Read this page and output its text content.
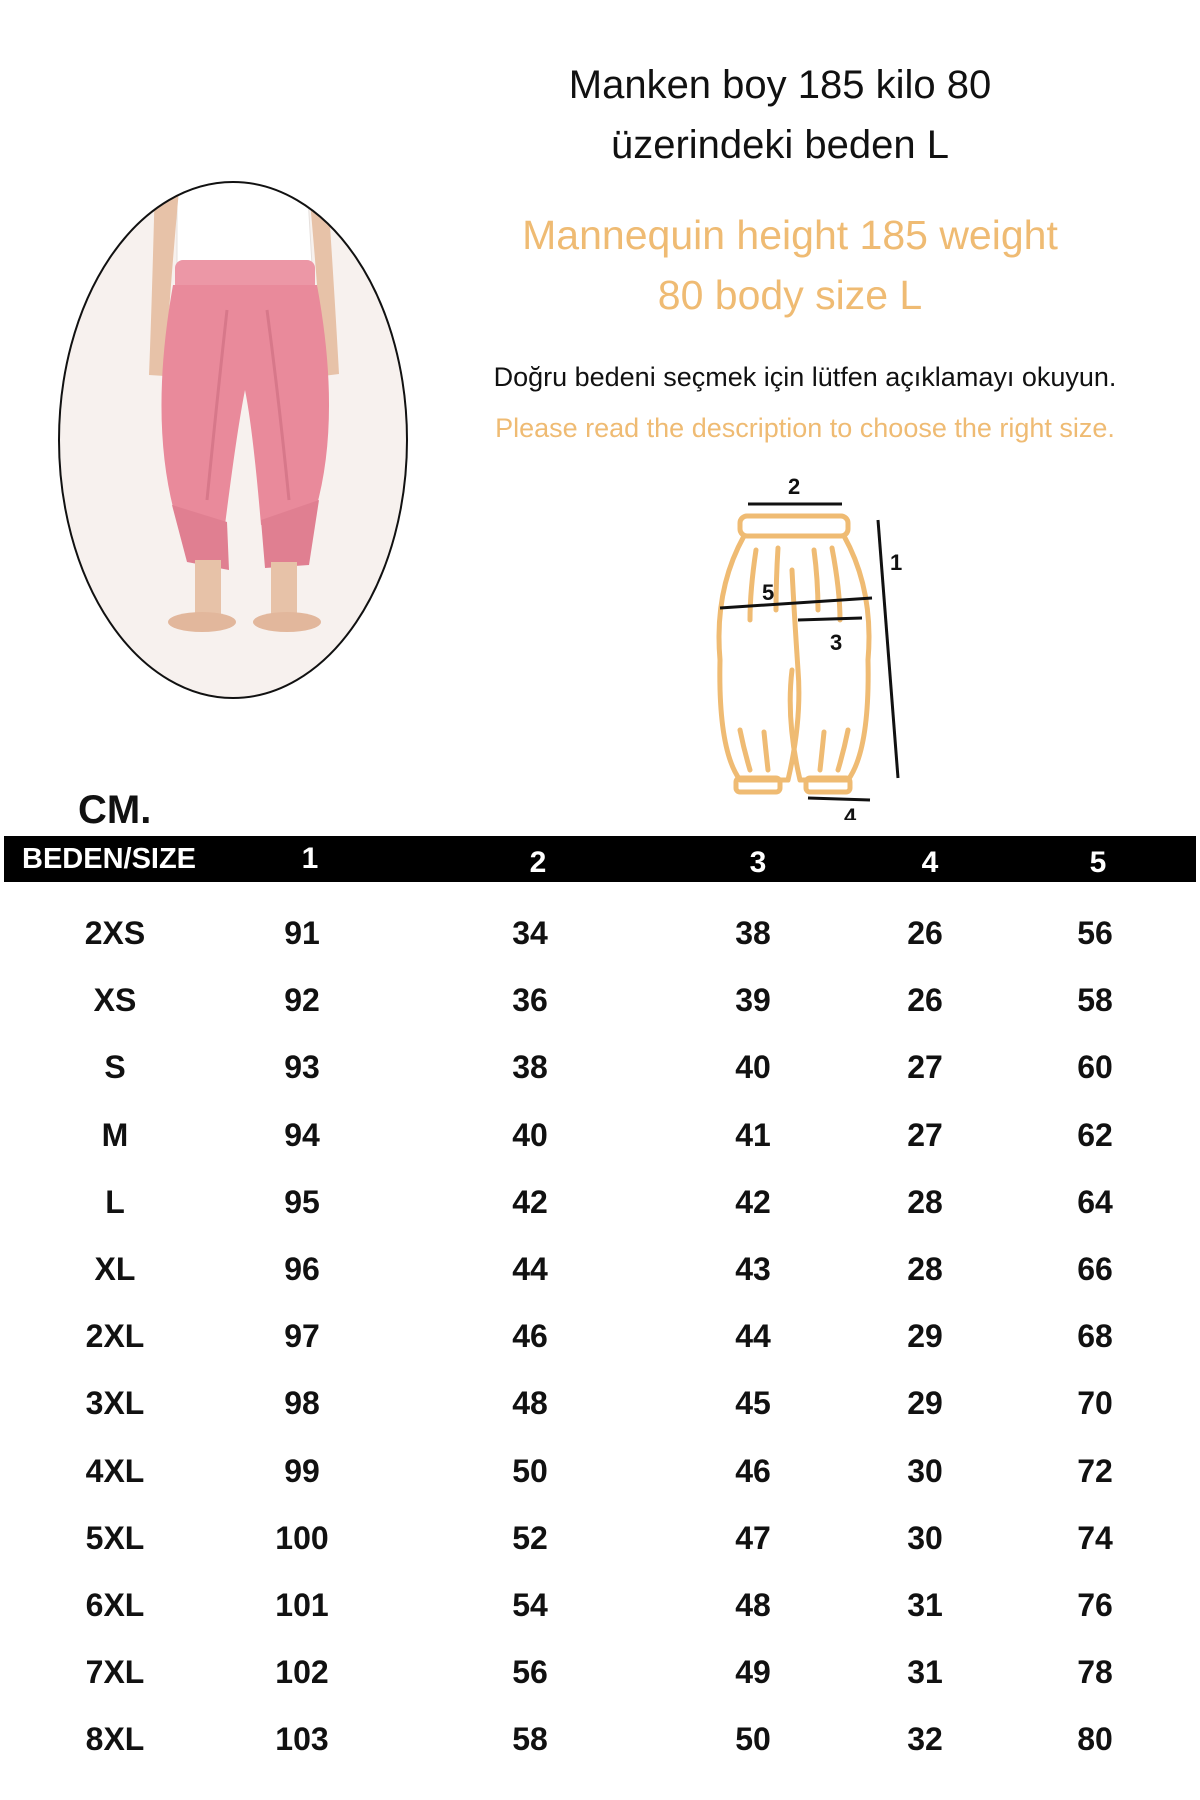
Manken boy 185 kilo 80
üzerindeki beden L
Mannequin height 185 weight
80 body size L
Doğru bedeni seçmek için lütfen açıklamayı okuyun.
Please read the description to choose the right size.
2
1
5
3
4
CM.
BEDEN/SIZE	1	2	3	4	5
2XS	91	34	38	26	56
XS	92	36	39	26	58
S	93	38	40	27	60
M	94	40	41	27	62
L	95	42	42	28	64
XL	96	44	43	28	66
2XL	97	46	44	29	68
3XL	98	48	45	29	70
4XL	99	50	46	30	72
5XL	100	52	47	30	74
6XL	101	54	48	31	76
7XL	102	56	49	31	78
8XL	103	58	50	32	80
